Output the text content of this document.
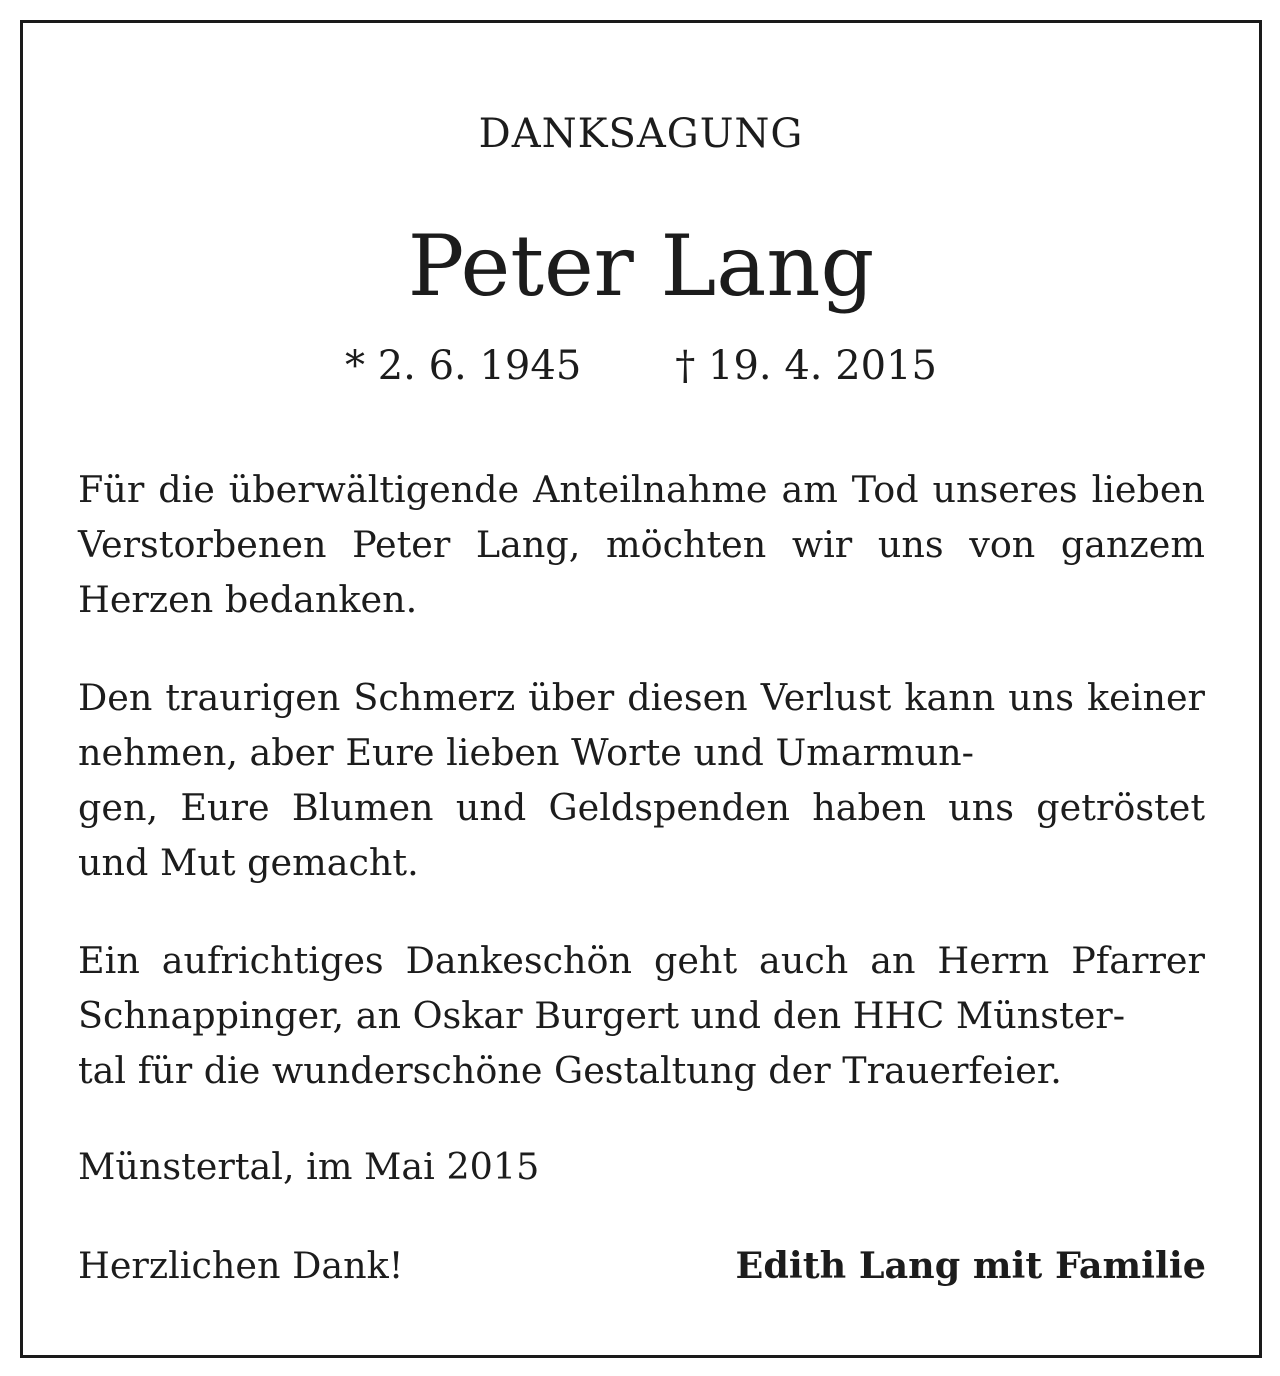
DANKSAGUNG
Peter Lang
* 2. 6. 1945 † 19. 4. 2015
Für die überwältigende Anteilnahme am Tod unseres lieben Verstorbenen Peter Lang, möchten wir uns von ganzem Herzen bedanken.
Den traurigen Schmerz über diesen Verlust kann uns keiner nehmen, aber Eure lieben Worte und Umarmun-
gen, Eure Blumen und Geldspenden haben uns getröstet und Mut gemacht.
Ein aufrichtiges Dankeschön geht auch an Herrn Pfarrer Schnappinger, an Oskar Burgert und den HHC Münster-
tal für die wunderschöne Gestaltung der Trauerfeier.
Münstertal, im Mai 2015
Herzlichen Dank!	Edith Lang mit Familie
